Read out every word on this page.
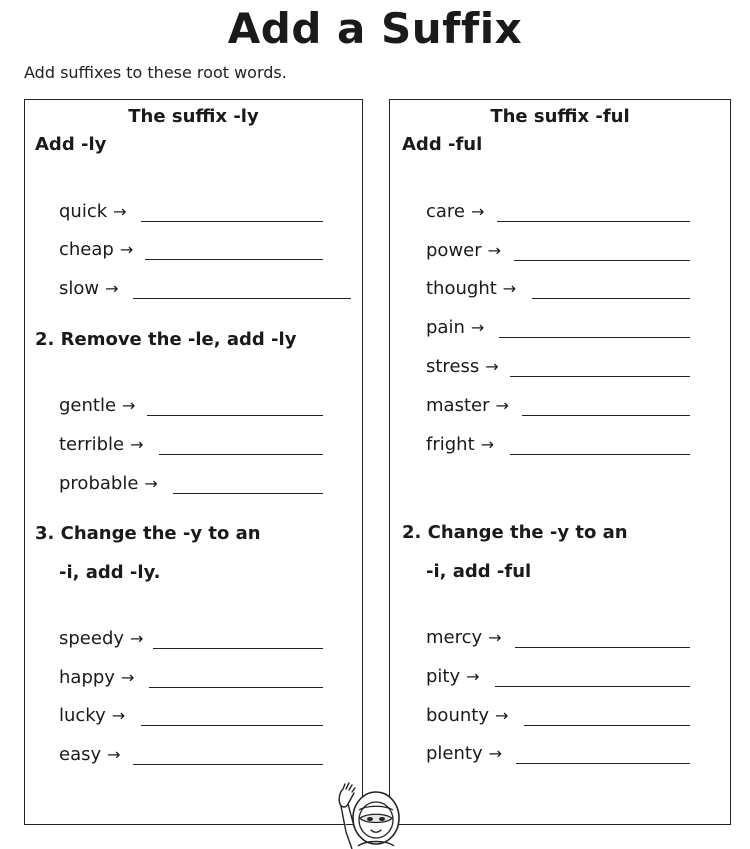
Add a Suffix
Add suffixes to these root words.
The suffix -ly
Add -ly
quick →
cheap →
slow →
2. Remove the -le, add -ly
gentle →
terrible →
probable →
3. Change the -y to an
-i, add -ly.
speedy →
happy →
lucky →
easy →
The suffix -ful
Add -ful
care →
power →
thought →
pain →
stress →
master →
fright →
2. Change the -y to an
-i, add -ful
mercy →
pity →
bounty →
plenty →
